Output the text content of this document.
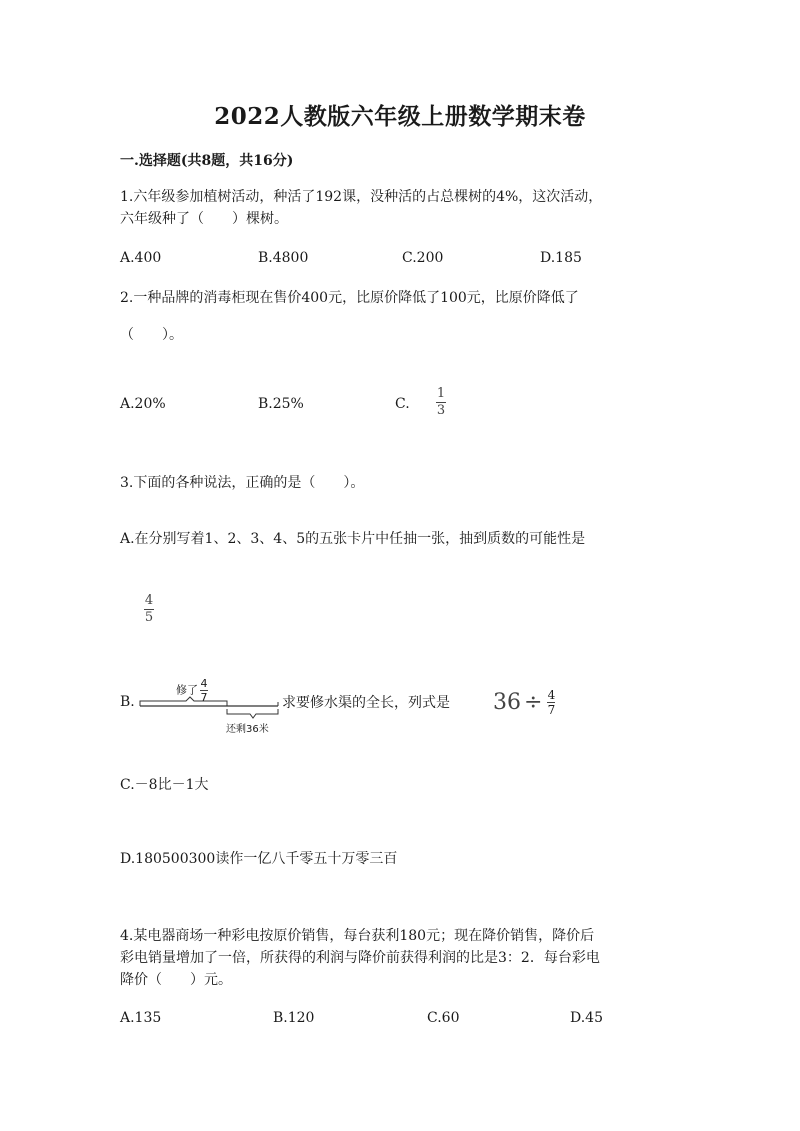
2022人教版六年级上册数学期末卷
一.选择题(共8题，共16分)
1.六年级参加植树活动，种活了192课，没种活的占总棵树的4%，这次活动，
六年级种了（　　）棵树。
A.400	B.4800	C.200	D.185
2.一种品牌的消毒柜现在售价400元，比原价降低了100元，比原价降低了
（　　）。
A.20%	B.25%	C.
1
3
3.下面的各种说法，正确的是（　　）。
A.在分别写着1、2、3、4、5的五张卡片中任抽一张，抽到质数的可能性是
4
5
B.
修了 $\frac{4}{7}$
还剩36米
求要修水渠的全长，列式是 $36 \div \frac{4}{7}$
C.－8比－1大
D.180500300读作一亿八千零五十万零三百
4.某电器商场一种彩电按原价销售，每台获利180元；现在降价销售，降价后
彩电销量增加了一倍，所获得的利润与降价前获得利润的比是3：2．每台彩电
降价（　　）元。
A.135	B.120	C.60	D.45
